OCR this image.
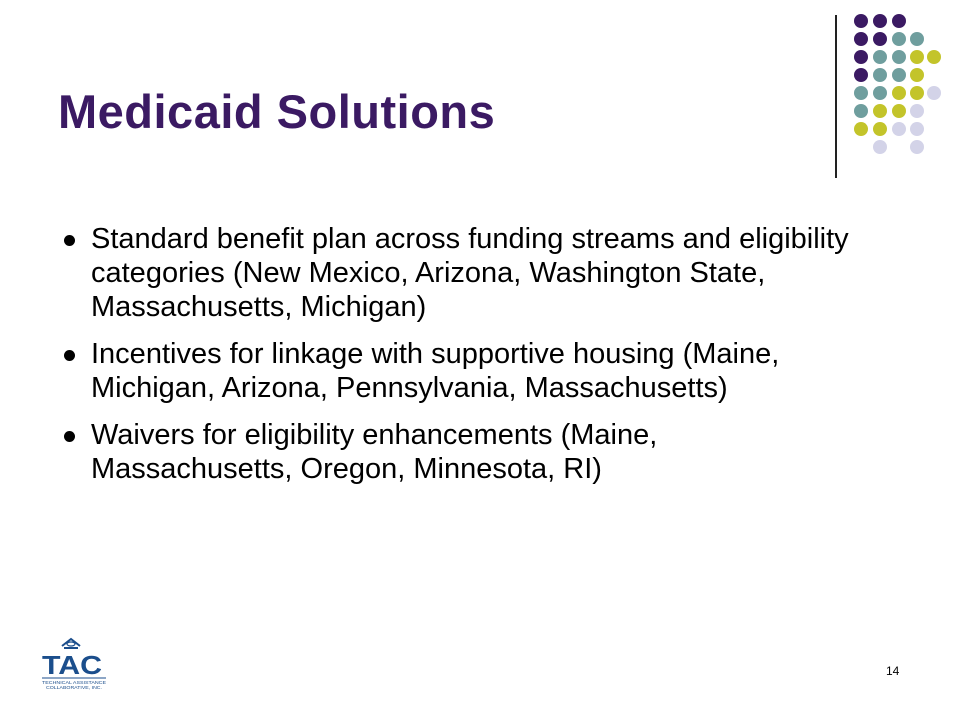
Medicaid Solutions
Standard benefit plan across funding streams and eligibility categories (New Mexico, Arizona, Washington State, Massachusetts, Michigan)
Incentives for linkage with supportive housing (Maine, Michigan, Arizona, Pennsylvania, Massachusetts)
Waivers for eligibility enhancements (Maine, Massachusetts, Oregon, Minnesota, RI)
TAC
TECHNICAL ASSISTANCE
COLLABORATIVE, INC.
14
